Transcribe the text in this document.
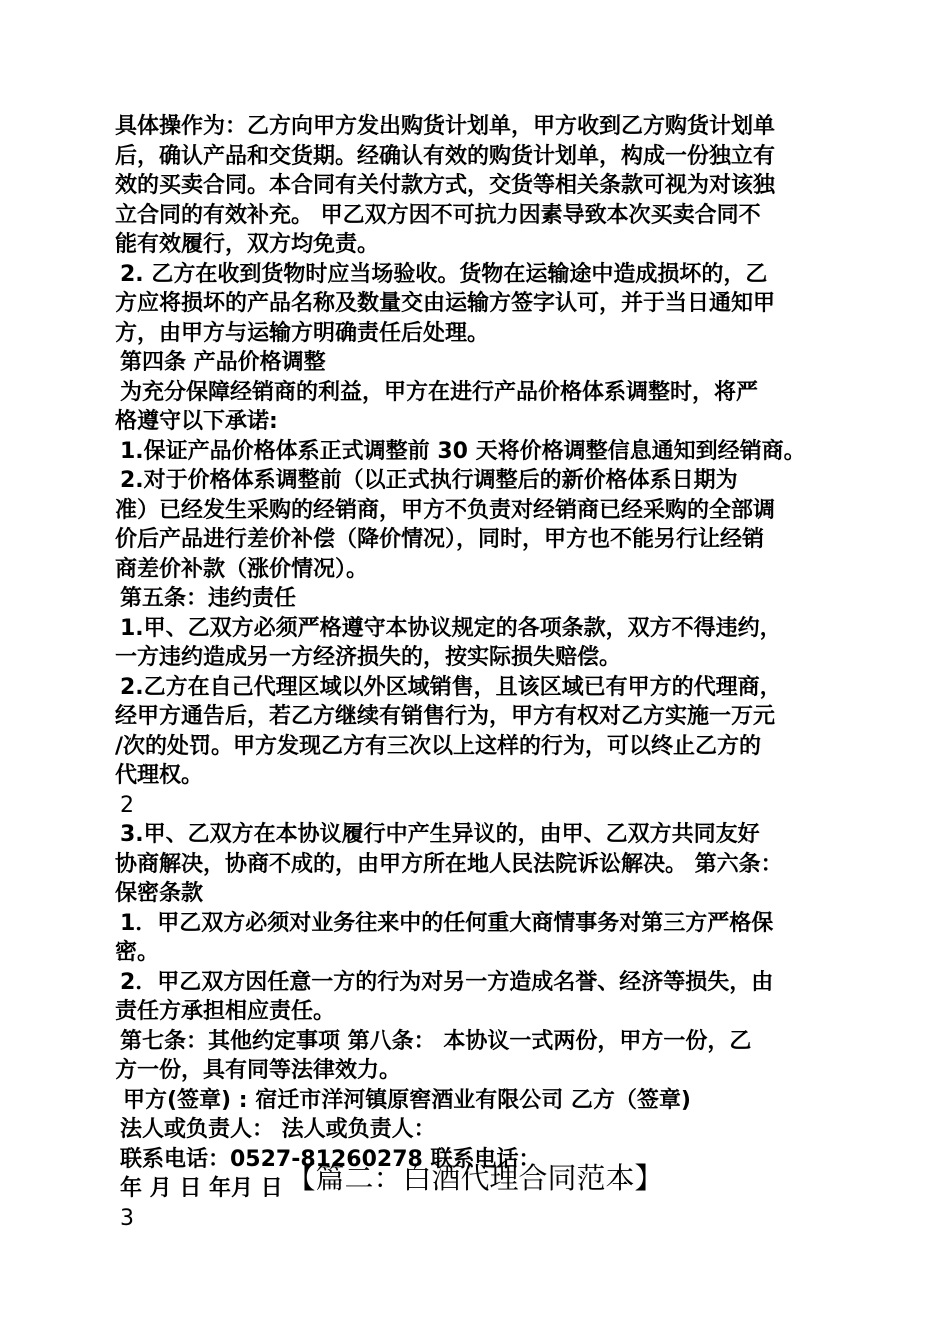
具体操作为：乙方向甲方发出购货计划单，甲方收到乙方购货计划单
后，确认产品和交货期。经确认有效的购货计划单，构成一份独立有
效的买卖合同。本合同有关付款方式，交货等相关条款可视为对该独
立合同的有效补充。 甲乙双方因不可抗力因素导致本次买卖合同不
能有效履行，双方均免责。
2. 乙方在收到货物时应当场验收。货物在运输途中造成损坏的，乙
方应将损坏的产品名称及数量交由运输方签字认可，并于当日通知甲
方，由甲方与运输方明确责任后处理。
第四条 产品价格调整
为充分保障经销商的利益，甲方在进行产品价格体系调整时，将严
格遵守以下承诺:
1.保证产品价格体系正式调整前 30 天将价格调整信息通知到经销商。
2.对于价格体系调整前（以正式执行调整后的新价格体系日期为
准）已经发生采购的经销商，甲方不负责对经销商已经采购的全部调
价后产品进行差价补偿（降价情况），同时，甲方也不能另行让经销
商差价补款（涨价情况）。
第五条：违约责任
1.甲、乙双方必须严格遵守本协议规定的各项条款，双方不得违约，
一方违约造成另一方经济损失的，按实际损失赔偿。
2.乙方在自己代理区域以外区域销售，且该区域已有甲方的代理商，
经甲方通告后，若乙方继续有销售行为，甲方有权对乙方实施一万元
/次的处罚。甲方发现乙方有三次以上这样的行为，可以终止乙方的
代理权。
2
3.甲、乙双方在本协议履行中产生异议的，由甲、乙双方共同友好
协商解决，协商不成的，由甲方所在地人民法院诉讼解决。 第六条：
保密条款
1．甲乙双方必须对业务往来中的任何重大商情事务对第三方严格保
密。
2．甲乙双方因任意一方的行为对另一方造成名誉、经济等损失，由
责任方承担相应责任。
第七条：其他约定事项 第八条： 本协议一式两份，甲方一份，乙
方一份，具有同等法律效力。
甲方(签章) : 宿迁市洋河镇原窖酒业有限公司 乙方（签章)
法人或负责人： 法人或负责人：
联系电话：0527-81260278 联系电话：
年 月 日 年月 日
3
【篇二：白酒代理合同范本】
